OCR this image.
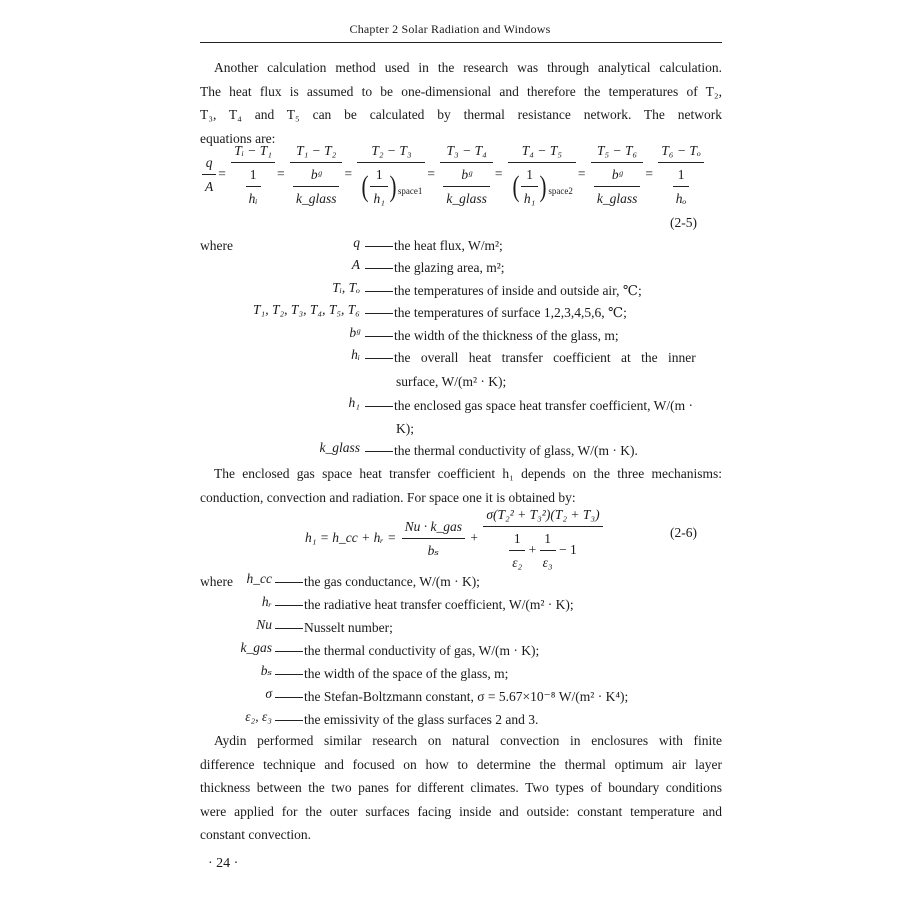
Chapter 2 Solar Radiation and Windows
Another calculation method used in the research was through analytical calculation.
The heat flux is assumed to be one-dimensional and therefore the temperatures of T₂,
T₃, T₄ and T₅ can be calculated by thermal resistance network. The network
equations are:
$\frac{q}{A} = \frac{\text{Tᵢ − T₁}}{\frac{1}{\text{hᵢ}}} = \frac{\text{T₁ − T₂}}{\frac{\text{bᵍ}}{\text{k\_glass}}} = \frac{\text{T₂ − T₃}}{( \frac{1}{\text{h₁}} ) _{space1}} = \frac{\text{T₃ − T₄}}{\frac{\text{bᵍ}}{\text{k\_glass}}} = \frac{\text{T₄ − T₅}}{( \frac{1}{\text{h₁}} ) _{space2}} = \frac{\text{T₅ − T₆}}{\frac{\text{bᵍ}}{\text{k\_glass}}} = \frac{\text{T₆ − Tₒ}}{\frac{1}{\text{hₒ}}}$
(2-5)
where	q	the heat flux, W/m²;
A	the glazing area, m²;
Tᵢ, Tₒ	the temperatures of inside and outside air, ℃;
T₁, T₂, T₃, T₄, T₅, T₆	the temperatures of surface 1,2,3,4,5,6, ℃;
bᵍ	the width of the thickness of the glass, m;
hᵢ	the overall heat transfer coefficient at the inner
surface, W/(m² · K);
h₁	the enclosed gas space heat transfer coefficient, W/(m ·
K);
k_glass	the thermal conductivity of glass, W/(m · K).
The enclosed gas space heat transfer coefficient h₁ depends on the three mechanisms:
conduction, convection and radiation. For space one it is obtained by:
h₁ = h_cc + hᵣ = $\frac{\text{Nu · k\_gas}}{\text{bₛ}} + \frac{\text{σ(T₂² + T₃²)(T₂ + T₃)}}{\frac{1}{\text{ε₂}} + \frac{1}{\text{ε₃}} - 1}$	(2-6)
where	h_cc	the gas conductance, W/(m · K);
hᵣ	the radiative heat transfer coefficient, W/(m² · K);
Nu	Nusselt number;
k_gas	the thermal conductivity of gas, W/(m · K);
bₛ	the width of the space of the glass, m;
σ	the Stefan-Boltzmann constant, σ = 5.67×10⁻⁸ W/(m² · K⁴);
ε₂, ε₃	the emissivity of the glass surfaces 2 and 3.
Aydin performed similar research on natural convection in enclosures with finite
difference technique and focused on how to determine the thermal optimum air layer
thickness between the two panes for different climates. Two types of boundary conditions
were applied for the outer surfaces facing inside and outside: constant temperature and
constant convection.
· 24 ·
